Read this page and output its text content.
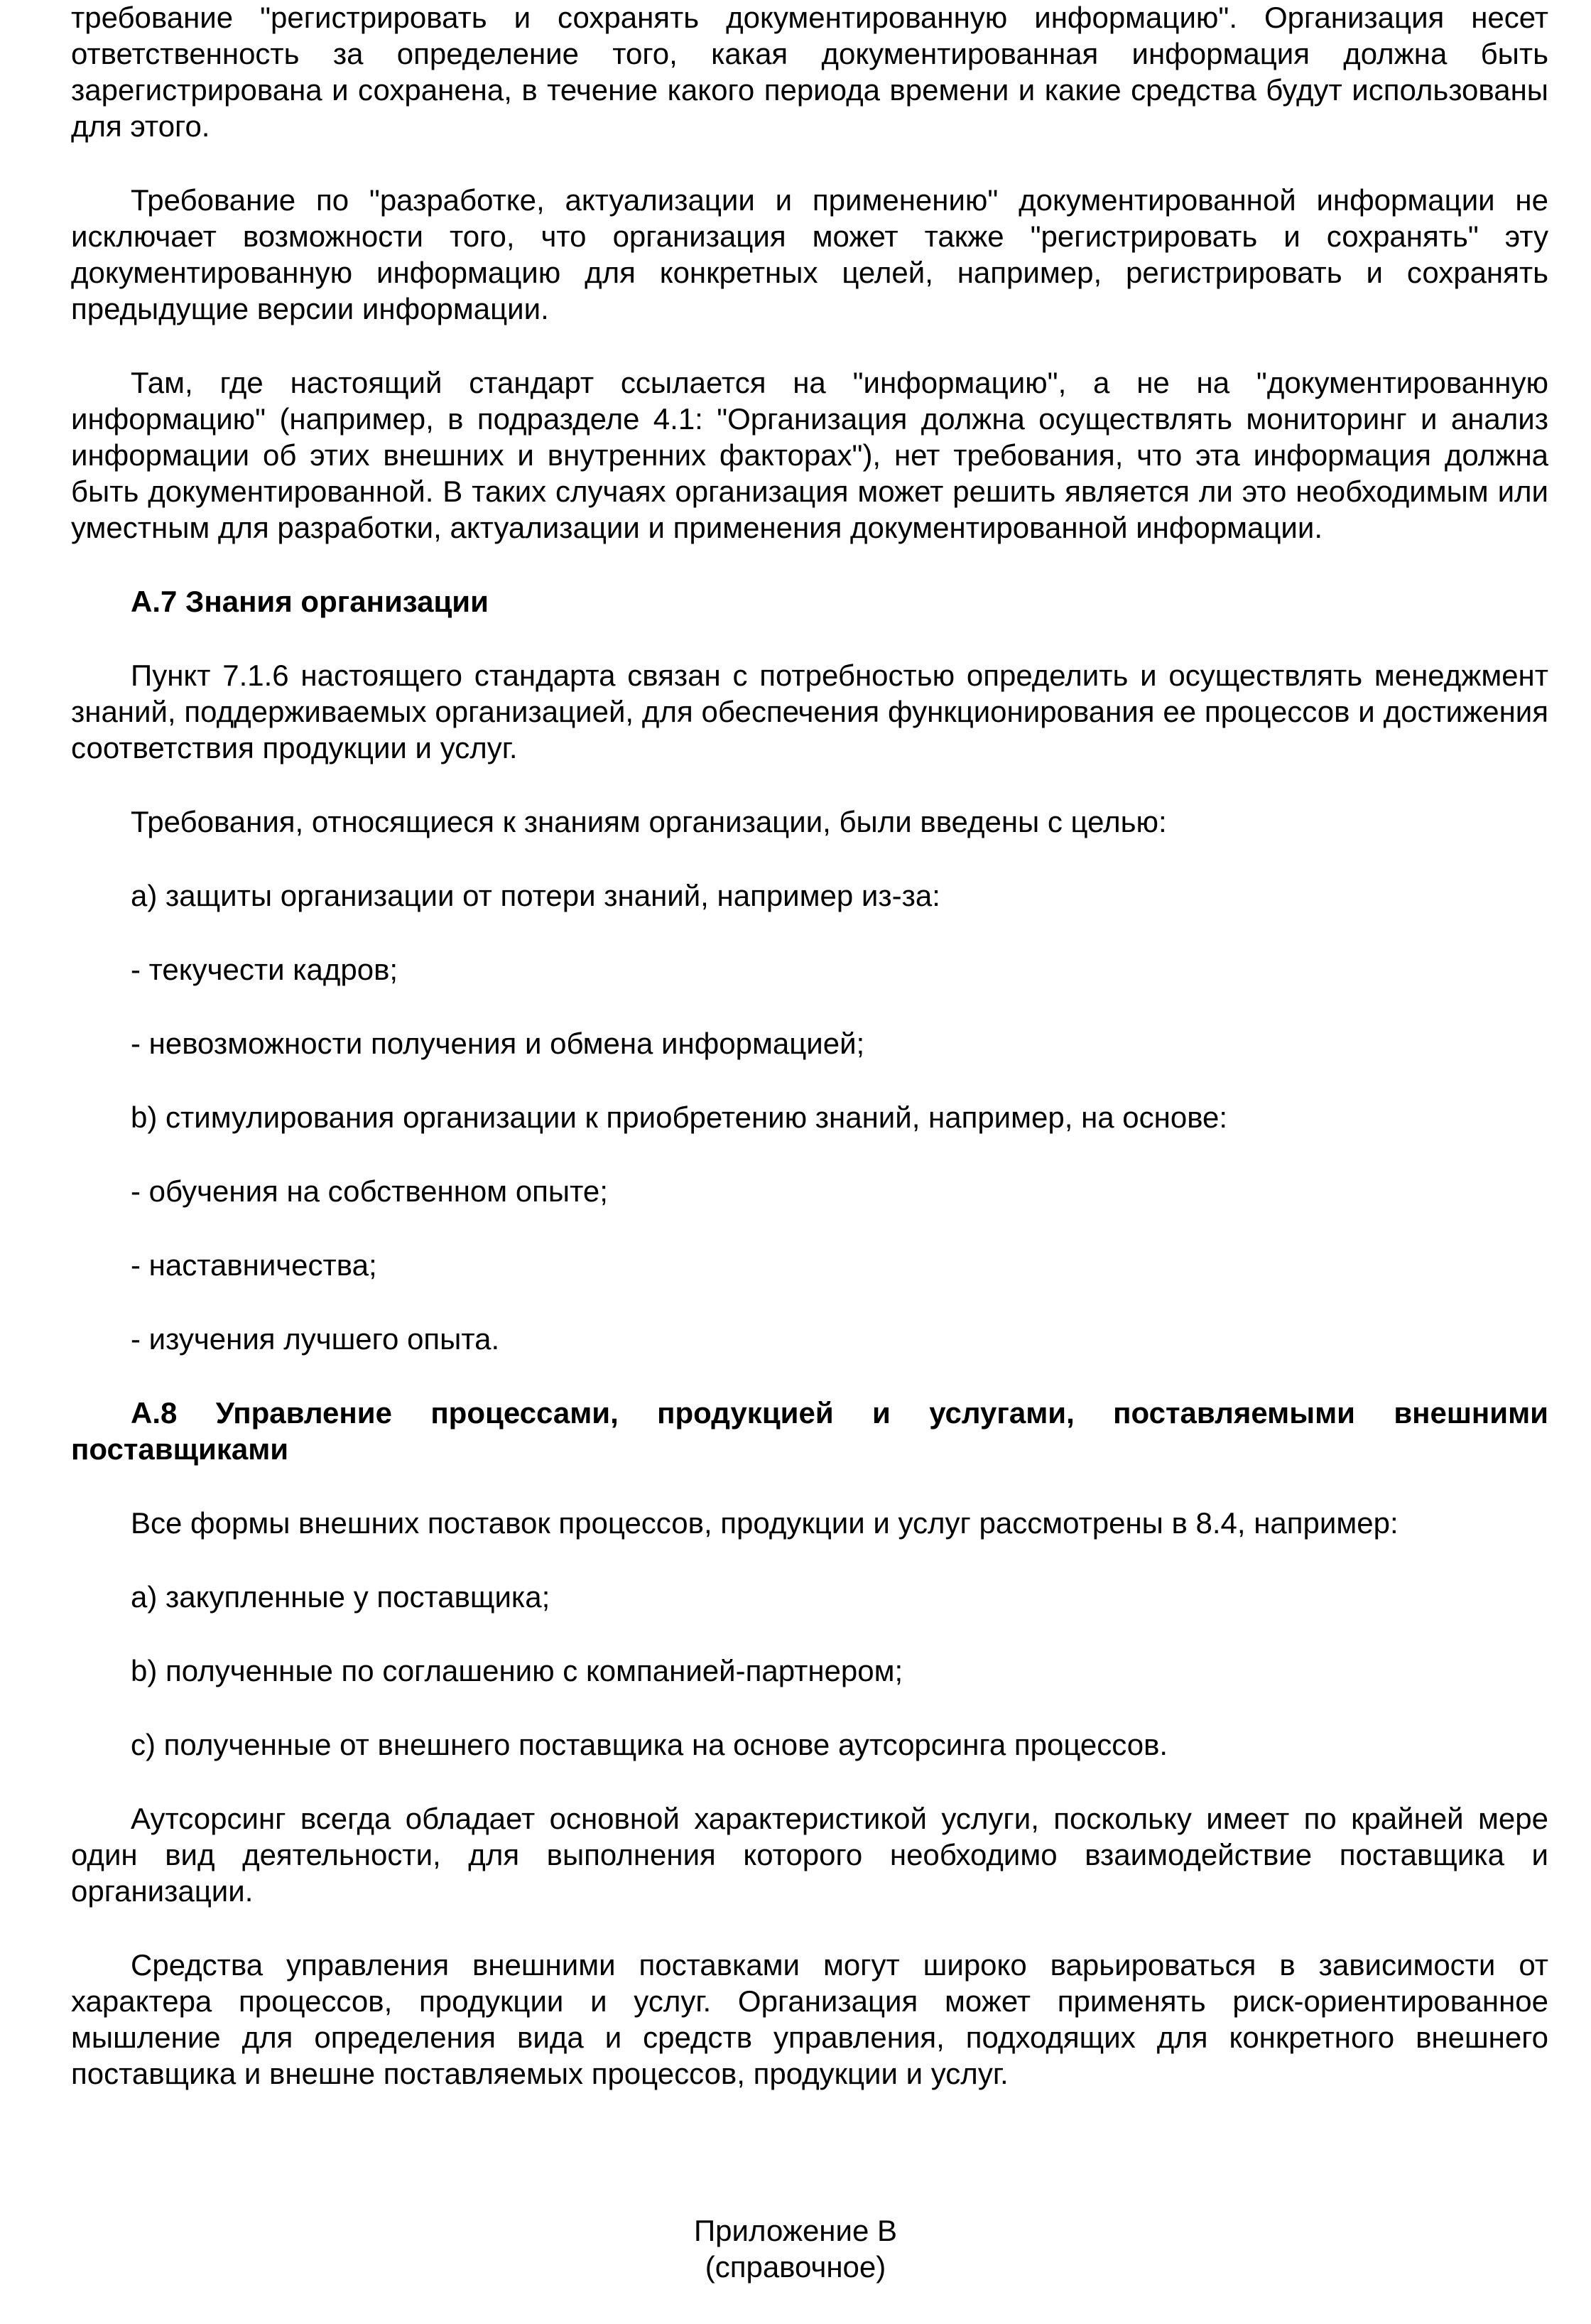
требование "регистрировать и сохранять документированную информацию". Организация несет ответственность за определение того, какая документированная информация должна быть зарегистрирована и сохранена, в течение какого периода времени и какие средства будут использованы для этого.

Требование по "разработке, актуализации и применению" документированной информации не исключает возможности того, что организация может также "регистрировать и сохранять" эту документированную информацию для конкретных целей, например, регистрировать и сохранять предыдущие версии информации.

Там, где настоящий стандарт ссылается на "информацию", а не на "документированную информацию" (например, в подразделе 4.1: "Организация должна осуществлять мониторинг и анализ информации об этих внешних и внутренних факторах"), нет требования, что эта информация должна быть документированной. В таких случаях организация может решить является ли это необходимым или уместным для разработки, актуализации и применения документированной информации.

А.7 Знания организации

Пункт 7.1.6 настоящего стандарта связан с потребностью определить и осуществлять менеджмент знаний, поддерживаемых организацией, для обеспечения функционирования ее процессов и достижения соответствия продукции и услуг.

Требования, относящиеся к знаниям организации, были введены с целью:

a) защиты организации от потери знаний, например из-за:

- текучести кадров;

- невозможности получения и обмена информацией;

b) стимулирования организации к приобретению знаний, например, на основе:

- обучения на собственном опыте;

- наставничества;

- изучения лучшего опыта.

А.8 Управление процессами, продукцией и услугами, поставляемыми внешними поставщиками

Все формы внешних поставок процессов, продукции и услуг рассмотрены в 8.4, например:

a) закупленные у поставщика;

b) полученные по соглашению с компанией-партнером;

c) полученные от внешнего поставщика на основе аутсорсинга процессов.

Аутсорсинг всегда обладает основной характеристикой услуги, поскольку имеет по крайней мере один вид деятельности, для выполнения которого необходимо взаимодействие поставщика и организации.

Средства управления внешними поставками могут широко варьироваться в зависимости от характера процессов, продукции и услуг. Организация может применять риск-ориентированное мышление для определения вида и средств управления, подходящих для конкретного внешнего поставщика и внешне поставляемых процессов, продукции и услуг.

Приложение В
(справочное)
